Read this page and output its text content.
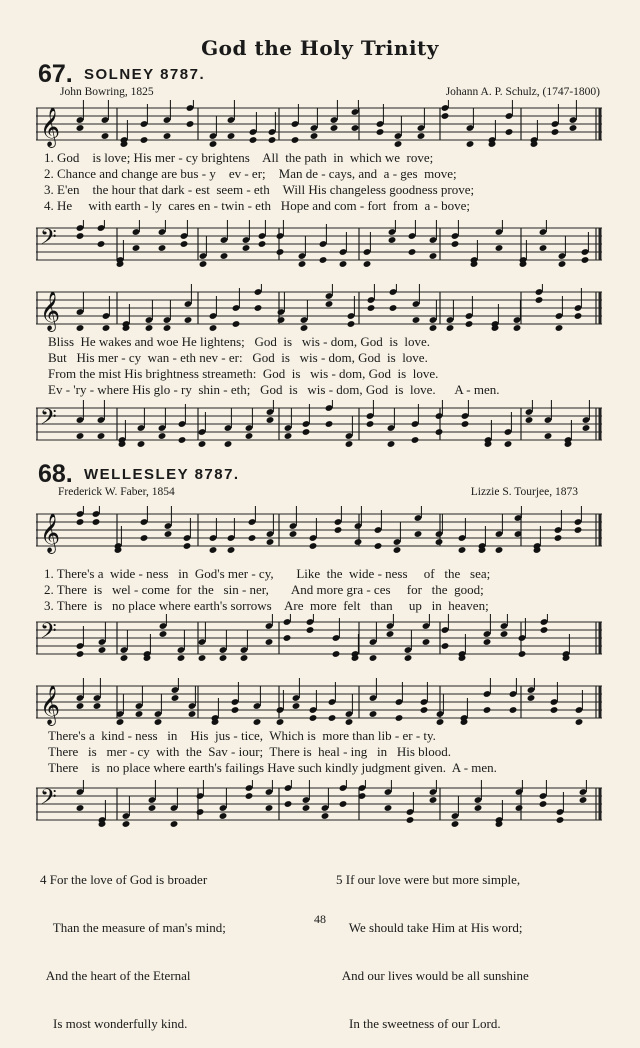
God the Holy Trinity
67. SOLNEY 8787.
John Bowring, 1825	Johann A. P. Schulz, (1747-1800)
𝄞
1. God    is love; His mer - cy brightens    All  the path  in  which we  rove;
2. Chance and change are bus - y    ev - er;    Man de - cays, and  a - ges  move;
3. E'en    the hour that dark - est  seem - eth    Will His changeless goodness prove;
4. He     with earth - ly  cares en - twin - eth   Hope and com - fort  from  a - bove;
𝄢
𝄞
Bliss  He wakes and woe He lightens;   God  is   wis - dom, God  is  love.
But   His mer - cy  wan - eth nev - er:   God  is   wis - dom, God  is  love.
From the mist His brightness streameth:  God  is   wis - dom, God  is  love.
Ev - 'ry - where His glo - ry  shin - eth;   God  is   wis - dom, God  is  love.      A - men.
𝄢
68. WELLESLEY 8787.
Frederick W. Faber, 1854	Lizzie S. Tourjee, 1873
𝄞
1. There's a  wide - ness   in  God's mer - cy,       Like  the  wide - ness     of   the   sea;
2. There  is   wel - come  for  the   sin - ner,       And more gra - ces     for   the  good;
3. There  is   no place where earth's sorrows    Are  more  felt   than     up   in  heaven;
𝄢
𝄞
There's a  kind - ness   in    His  jus - tice,  Which is  more than lib - er - ty.
There   is   mer - cy  with  the  Sav - iour;  There is  heal - ing   in   His blood.
There    is  no place where earth's failings Have such kindly judgment given.  A - men.
𝄢

4 For the love of God is broader

Than the measure of man's mind;

And the heart of the Eternal

Is most wonderfully kind.

5 If our love were but more simple,

We should take Him at His word;

And our lives would be all sunshine

In the sweetness of our Lord.

48
